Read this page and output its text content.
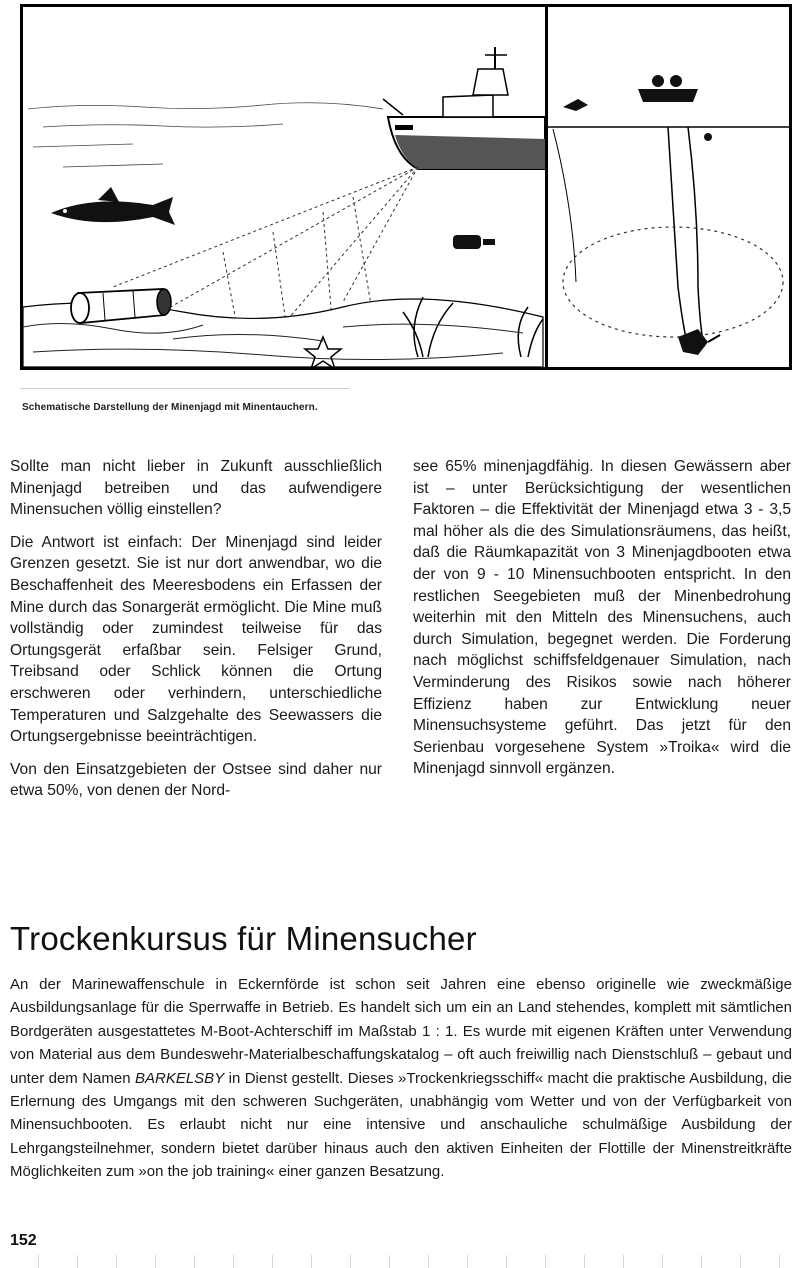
Schematische Darstellung der Minenjagd mit Minentauchern.

Sollte man nicht lieber in Zukunft ausschließlich Minenjagd betreiben und das aufwendigere Minensuchen völlig einstellen?

Die Antwort ist einfach: Der Minenjagd sind leider Grenzen gesetzt. Sie ist nur dort anwendbar, wo die Beschaffenheit des Meeresbodens ein Erfassen der Mine durch das Sonargerät ermöglicht. Die Mine muß vollständig oder zumindest teilweise für das Ortungsgerät erfaßbar sein. Felsiger Grund, Treibsand oder Schlick können die Ortung erschweren oder verhindern, unterschiedliche Temperaturen und Salzgehalte des Seewassers die Ortungsergebnisse beeinträchtigen.

Von den Einsatzgebieten der Ostsee sind daher nur etwa 50%, von denen der Nord-

see 65% minenjagdfähig. In diesen Gewässern aber ist – unter Berücksichtigung der wesentlichen Faktoren – die Effektivität der Minenjagd etwa 3 - 3,5 mal höher als die des Simulationsräumens, das heißt, daß die Räumkapazität von 3 Minenjagdbooten etwa der von 9 - 10 Minensuchbooten entspricht. In den restlichen Seegebieten muß der Minenbedrohung weiterhin mit den Mitteln des Minensuchens, auch durch Simulation, begegnet werden. Die Forderung nach möglichst schiffsfeldgenauer Simulation, nach Verminderung des Risikos sowie nach höherer Effizienz haben zur Entwicklung neuer Minensuchsysteme geführt. Das jetzt für den Serienbau vorgesehene System »Troika« wird die Minenjagd sinnvoll ergänzen.

Trockenkursus für Minensucher

An der Marinewaffenschule in Eckernförde ist schon seit Jahren eine ebenso originelle wie zweckmäßige Ausbildungsanlage für die Sperrwaffe in Betrieb. Es handelt sich um ein an Land stehendes, komplett mit sämtlichen Bordgeräten ausgestattetes M-Boot-Achterschiff im Maßstab 1 : 1. Es wurde mit eigenen Kräften unter Verwendung von Material aus dem Bundeswehr-Materialbeschaffungskatalog – oft auch freiwillig nach Dienstschluß – gebaut und unter dem Namen BARKELSBY in Dienst gestellt. Dieses »Trockenkriegsschiff« macht die praktische Ausbildung, die Erlernung des Umgangs mit den schweren Suchgeräten, unabhängig vom Wetter und von der Verfügbarkeit von Minensuchbooten. Es erlaubt nicht nur eine intensive und anschauliche schulmäßige Ausbildung der Lehrgangsteilnehmer, sondern bietet darüber hinaus auch den aktiven Einheiten der Flottille der Minenstreitkräfte Möglichkeiten zum »on the job training« einer ganzen Besatzung.

152
